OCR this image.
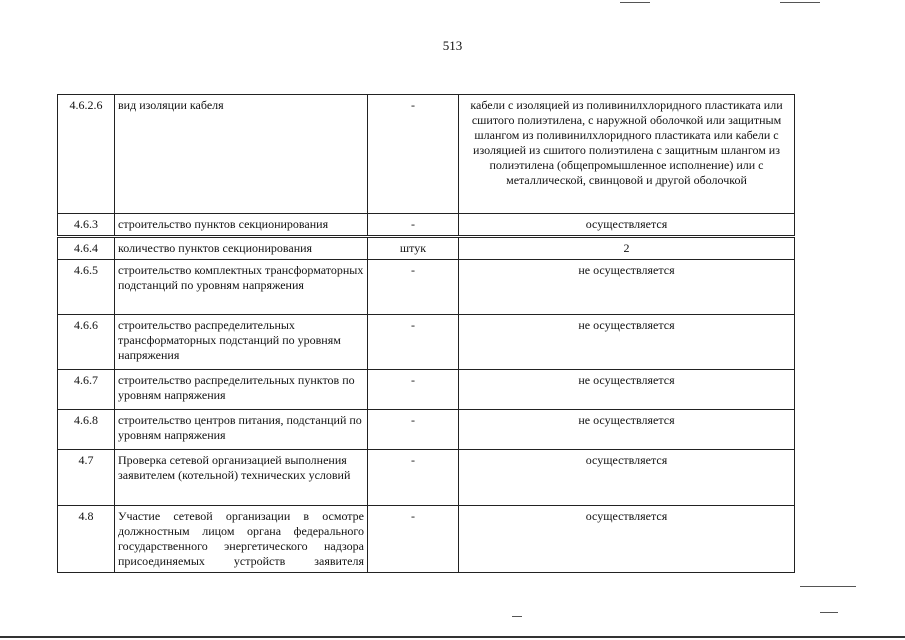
513
4.6.2.6	вид изоляции кабеля	-	кабели с изоляцией из поливинилхлоридного пластиката или сшитого полиэтилена, с наружной оболочкой или защитным шлангом из поливинилхлоридного пластиката или кабели с изоляцией из сшитого полиэтилена с защитным шлангом из полиэтилена (общепромышленное исполнение) или с металлической, свинцовой и другой оболочкой
4.6.3	строительство пунктов секционирования	-	осуществляется
4.6.4	количество пунктов секционирования	штук	2
4.6.5	строительство комплектных трансформаторных подстанций по уровням напряжения	-	не осуществляется
4.6.6	строительство распределительных трансформаторных подстанций по уровням напряжения	-	не осуществляется
4.6.7	строительство распределительных пунктов по уровням напряжения	-	не осуществляется
4.6.8	строительство центров питания, подстанций по уровням напряжения	-	не осуществляется
4.7	Проверка сетевой организацией выполнения заявителем (котельной) технических условий	-	осуществляется
4.8	Участие сетевой организации в осмотре должностным лицом органа федерального государственного энергетического надзора присоединяемых устройств заявителя	-	осуществляется
